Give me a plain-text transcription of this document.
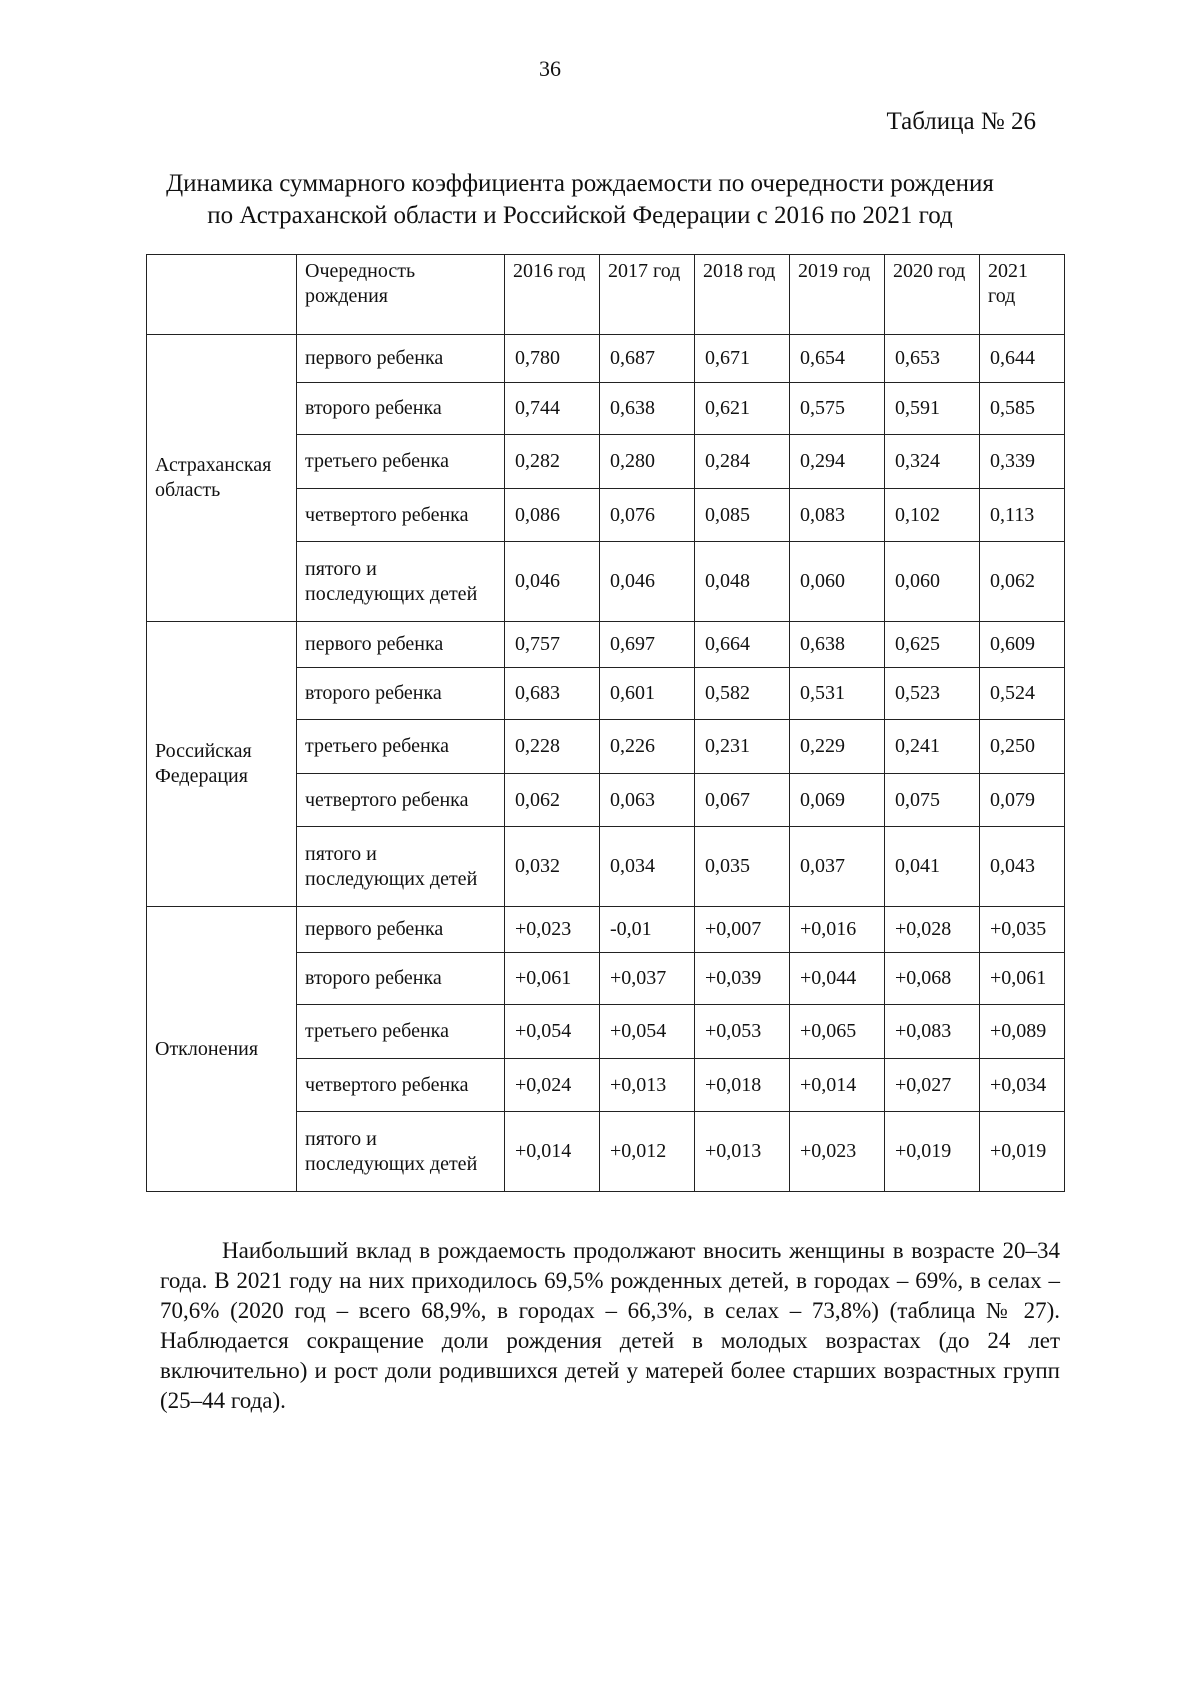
36
Таблица № 26
Динамика суммарного коэффициента рождаемости по очередности рождения
по Астраханской области и Российской Федерации с 2016 по 2021 год
	Очередность рождения	2016 год	2017 год	2018 год	2019 год	2020 год	2021 год
Астраханская область	первого ребенка	0,780	0,687	0,671	0,654	0,653	0,644
	второго ребенка	0,744	0,638	0,621	0,575	0,591	0,585
	третьего ребенка	0,282	0,280	0,284	0,294	0,324	0,339
	четвертого ребенка	0,086	0,076	0,085	0,083	0,102	0,113
	пятого и последующих детей	0,046	0,046	0,048	0,060	0,060	0,062
Российская Федерация	первого ребенка	0,757	0,697	0,664	0,638	0,625	0,609
	второго ребенка	0,683	0,601	0,582	0,531	0,523	0,524
	третьего ребенка	0,228	0,226	0,231	0,229	0,241	0,250
	четвертого ребенка	0,062	0,063	0,067	0,069	0,075	0,079
	пятого и последующих детей	0,032	0,034	0,035	0,037	0,041	0,043
Отклонения	первого ребенка	+0,023	-0,01	+0,007	+0,016	+0,028	+0,035
	второго ребенка	+0,061	+0,037	+0,039	+0,044	+0,068	+0,061
	третьего ребенка	+0,054	+0,054	+0,053	+0,065	+0,083	+0,089
	четвертого ребенка	+0,024	+0,013	+0,018	+0,014	+0,027	+0,034
	пятого и последующих детей	+0,014	+0,012	+0,013	+0,023	+0,019	+0,019
Наибольший вклад в рождаемость продолжают вносить женщины в возрасте 20–34 года. В 2021 году на них приходилось 69,5% рожденных детей, в городах – 69%, в селах – 70,6% (2020 год – всего 68,9%, в городах – 66,3%, в селах – 73,8%) (таблица № 27). Наблюдается сокращение доли рождения детей в молодых возрастах (до 24 лет включительно) и рост доли родившихся детей у матерей более старших возрастных групп (25–44 года).
